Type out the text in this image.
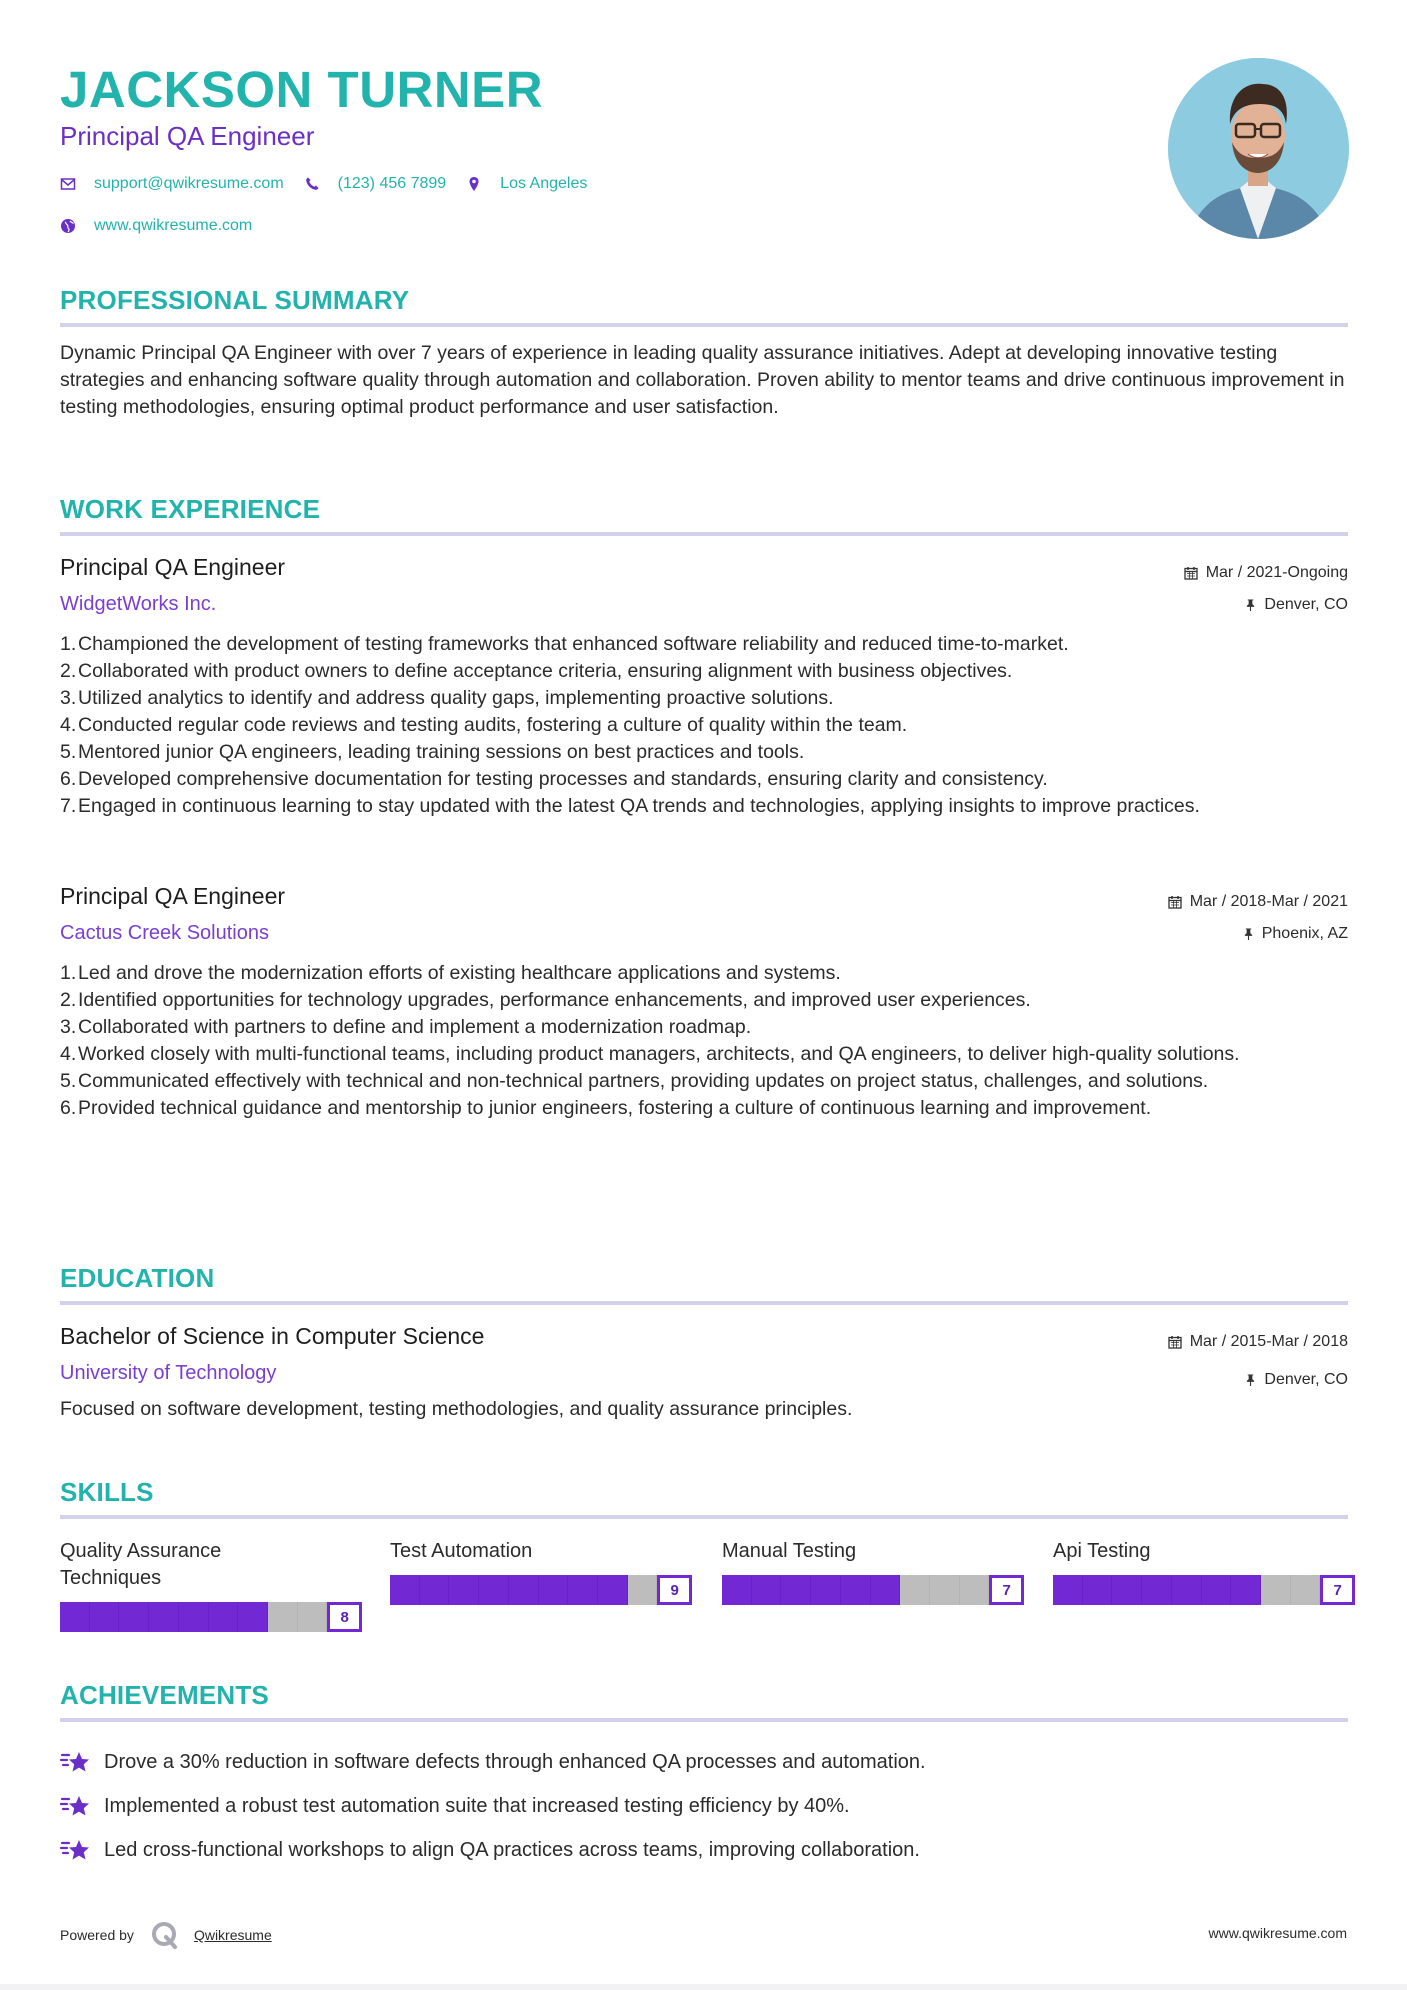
JACKSON TURNER
Principal QA Engineer
support@qwikresume.com	(123) 456 7899	Los Angeles
www.qwikresume.com
PROFESSIONAL SUMMARY

Dynamic Principal QA Engineer with over 7 years of experience in leading quality assurance initiatives. Adept at developing innovative testing strategies and enhancing software quality through automation and collaboration. Proven ability to mentor teams and drive continuous improvement in testing methodologies, ensuring optimal product performance and user satisfaction.

WORK EXPERIENCE
Principal QA Engineer
WidgetWorks Inc.
Mar / 2021-Ongoing
Denver, CO
1. Championed the development of testing frameworks that enhanced software reliability and reduced time-to-market.
2. Collaborated with product owners to define acceptance criteria, ensuring alignment with business objectives.
3. Utilized analytics to identify and address quality gaps, implementing proactive solutions.
4. Conducted regular code reviews and testing audits, fostering a culture of quality within the team.
5. Mentored junior QA engineers, leading training sessions on best practices and tools.
6. Developed comprehensive documentation for testing processes and standards, ensuring clarity and consistency.
7. Engaged in continuous learning to stay updated with the latest QA trends and technologies, applying insights to improve practices.
Principal QA Engineer
Cactus Creek Solutions
Mar / 2018-Mar / 2021
Phoenix, AZ
1. Led and drove the modernization efforts of existing healthcare applications and systems.
2. Identified opportunities for technology upgrades, performance enhancements, and improved user experiences.
3. Collaborated with partners to define and implement a modernization roadmap.
4. Worked closely with multi-functional teams, including product managers, architects, and QA engineers, to deliver high-quality solutions.
5. Communicated effectively with technical and non-technical partners, providing updates on project status, challenges, and solutions.
6. Provided technical guidance and mentorship to junior engineers, fostering a culture of continuous learning and improvement.
EDUCATION
Bachelor of Science in Computer Science
University of Technology
Mar / 2015-Mar / 2018
Denver, CO

Focused on software development, testing methodologies, and quality assurance principles.

SKILLS
Quality Assurance Techniques
8
Test Automation
9
Manual Testing
7
Api Testing
7
ACHIEVEMENTS
Drove a 30% reduction in software defects through enhanced QA processes and automation.
Implemented a robust test automation suite that increased testing efficiency by 40%.
Led cross-functional workshops to align QA practices across teams, improving collaboration.
Powered by	Qwikresume	www.qwikresume.com
